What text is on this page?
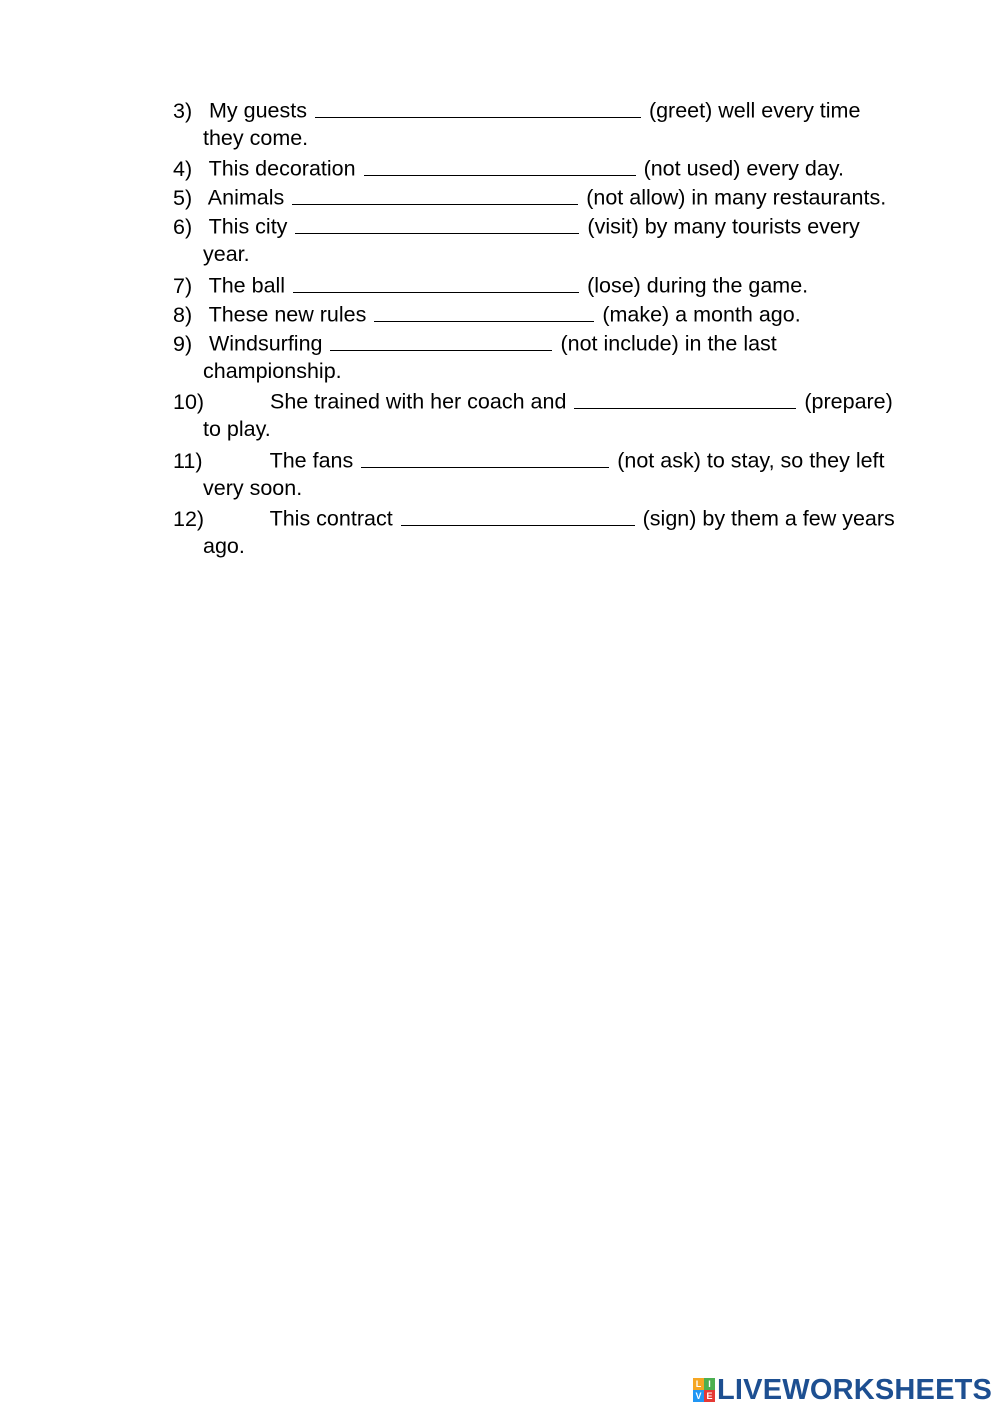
3) My guests	(greet) well every time
they come.
4) This decoration	(not used) every day.
5) Animals	(not allow) in many restaurants.
6) This city	(visit) by many tourists every
year.
7) The ball	(lose) during the game.
8) These new rules	(make) a month ago.
9) Windsurfing	(not include) in the last
championship.
10)	She trained with her coach and	(prepare)
to play.
11)	The fans	(not ask) to stay, so they left
very soon.
12)	This contract	(sign) by them a few years
ago.
L I
V E LIVEWORKSHEETS
